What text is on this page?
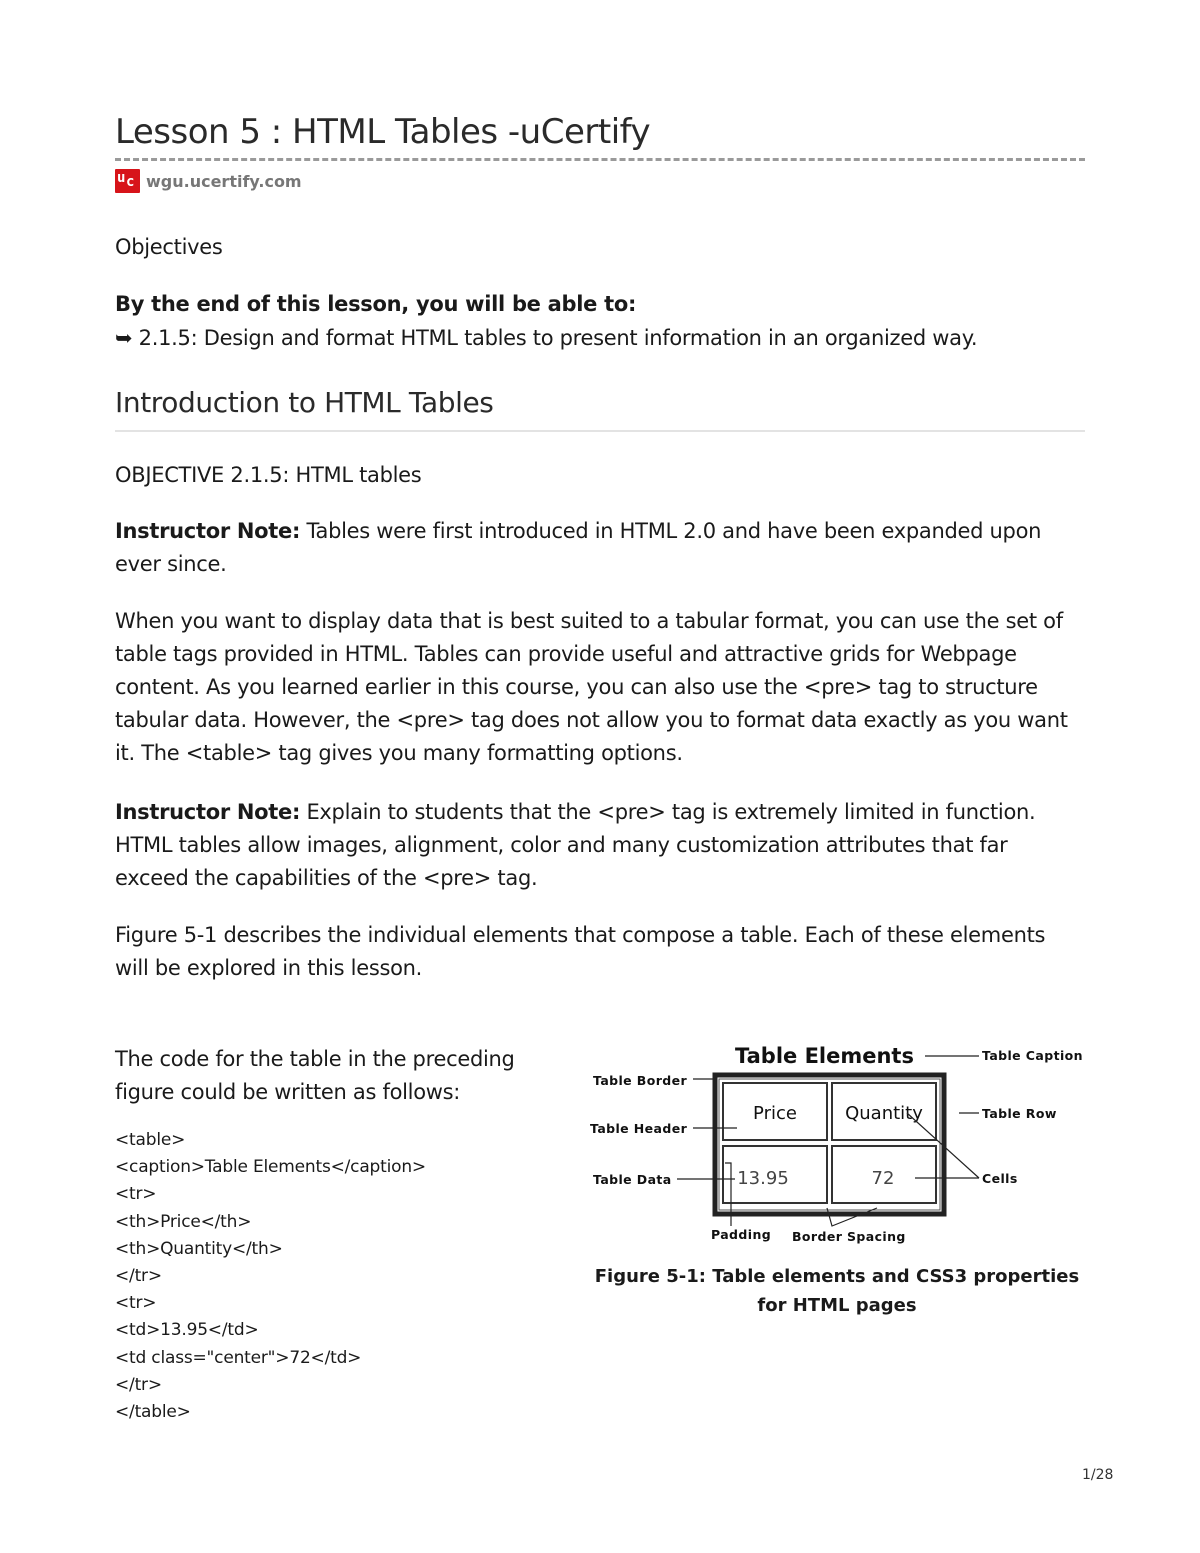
Lesson 5 : HTML Tables -uCertify
u c wgu.ucertify.com

Objectives

By the end of this lesson, you will be able to:

➥ 2.1.5: Design and format HTML tables to present information in an organized way.

Introduction to HTML Tables

OBJECTIVE 2.1.5: HTML tables

Instructor Note: Tables were first introduced in HTML 2.0 and have been expanded upon ever since.

When you want to display data that is best suited to a tabular format, you can use the set of table tags provided in HTML. Tables can provide useful and attractive grids for Webpage content. As you learned earlier in this course, you can also use the <pre> tag to structure tabular data. However, the <pre> tag does not allow you to format data exactly as you want it. The <table> tag gives you many formatting options.

Instructor Note: Explain to students that the <pre> tag is extremely limited in function. HTML tables allow images, alignment, color and many customization attributes that far exceed the capabilities of the <pre> tag.

Figure 5-1 describes the individual elements that compose a table. Each of these elements will be explored in this lesson.

The code for the table in the preceding figure could be written as follows:

<table>
<caption>Table Elements</caption>
<tr>
<th>Price</th>
<th>Quantity</th>
</tr>
<tr>
<td>13.95</td>
<td class="center">72</td>
</tr>
</table>
Table Elements
Price	Quantity
13.95	72
Table Caption
Table Border
Table Header
Table Row
Table Data	Cells
Padding Border Spacing

Figure 5-1: Table elements and CSS3 properties for HTML pages

1/28
